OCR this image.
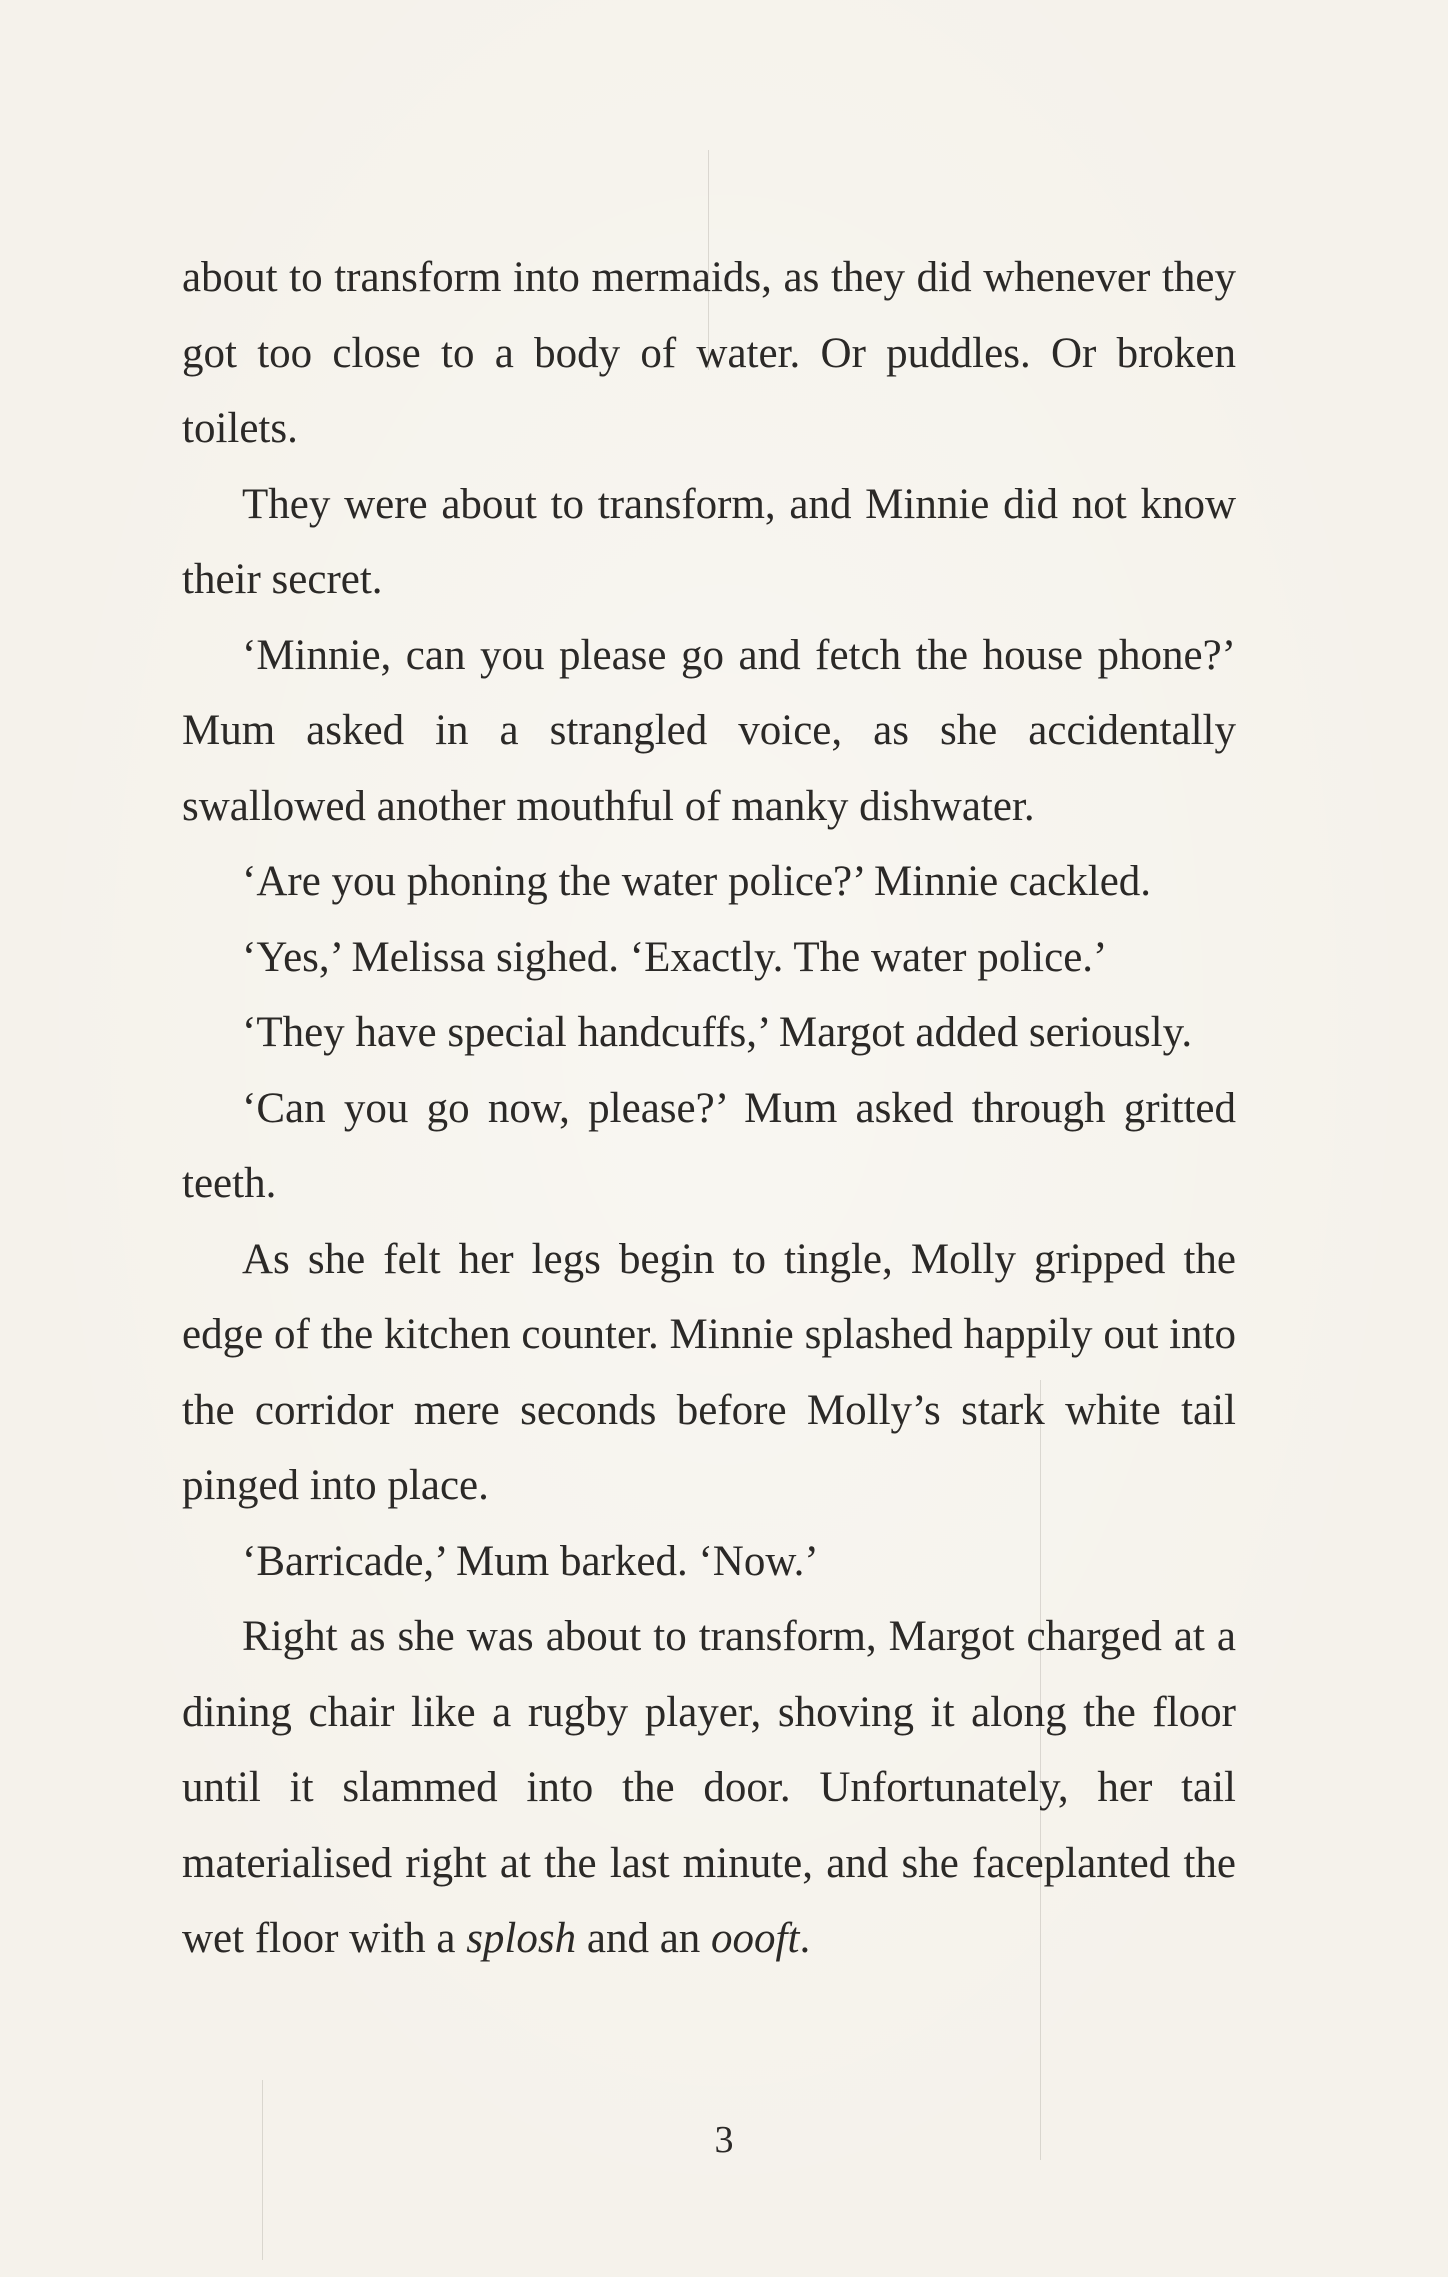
about to transform into mermaids, as they did whenever they got too close to a body of water. Or puddles. Or broken toilets.

They were about to transform, and Minnie did not know their secret.

‘Minnie, can you please go and fetch the house phone?’ Mum asked in a strangled voice, as she accidentally swallowed another mouthful of manky dishwater.

‘Are you phoning the water police?’ Minnie cackled.

‘Yes,’ Melissa sighed. ‘Exactly. The water police.’

‘They have special handcuffs,’ Margot added seriously.

‘Can you go now, please?’ Mum asked through gritted teeth.

As she felt her legs begin to tingle, Molly gripped the edge of the kitchen counter. Minnie splashed happily out into the corridor mere seconds before Molly’s stark white tail pinged into place.

‘Barricade,’ Mum barked. ‘Now.’

Right as she was about to transform, Margot charged at a dining chair like a rugby player, shoving it along the floor until it slammed into the door. Unfortunately, her tail materialised right at the last minute, and she faceplanted the wet floor with a splosh and an oooft.

3
